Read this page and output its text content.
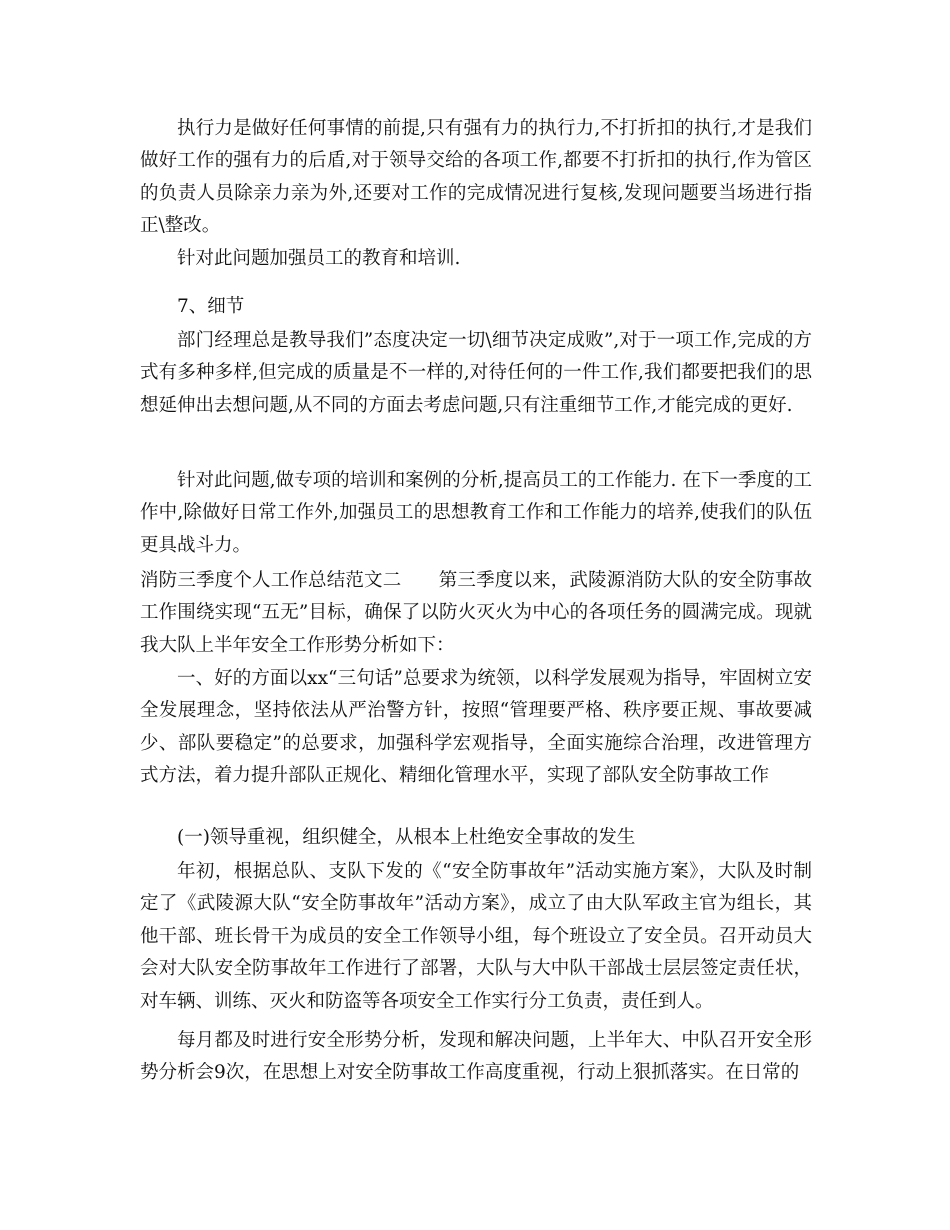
执行力是做好任何事情的前提,只有强有力的执行力,不打折扣的执行,才是我们做好工作的强有力的后盾,对于领导交给的各项工作,都要不打折扣的执行,作为管区的负责人员除亲力亲为外,还要对工作的完成情况进行复核,发现问题要当场进行指正\整改。

针对此问题加强员工的教育和培训.

7、细节

部门经理总是教导我们”态度决定一切\细节决定成败”,对于一项工作,完成的方式有多种多样,但完成的质量是不一样的,对待任何的一件工作,我们都要把我们的思想延伸出去想问题,从不同的方面去考虑问题,只有注重细节工作,才能完成的更好.

针对此问题,做专项的培训和案例的分析,提高员工的工作能力. 在下一季度的工作中,除做好日常工作外,加强员工的思想教育工作和工作能力的培养,使我们的队伍更具战斗力。

消防三季度个人工作总结范文二　　第三季度以来，武陵源消防大队的安全防事故工作围绕实现“五无”目标，确保了以防火灭火为中心的各项任务的圆满完成。现就我大队上半年安全工作形势分析如下：

一、好的方面以xx“三句话”总要求为统领，以科学发展观为指导，牢固树立安全发展理念，坚持依法从严治警方针，按照“管理要严格、秩序要正规、事故要减少、部队要稳定”的总要求，加强科学宏观指导，全面实施综合治理，改进管理方式方法，着力提升部队正规化、精细化管理水平，实现了部队安全防事故工作

(一)领导重视，组织健全，从根本上杜绝安全事故的发生

年初，根据总队、支队下发的《“安全防事故年”活动实施方案》，大队及时制定了《武陵源大队“安全防事故年”活动方案》，成立了由大队军政主官为组长，其他干部、班长骨干为成员的安全工作领导小组，每个班设立了安全员。召开动员大会对大队安全防事故年工作进行了部署，大队与大中队干部战士层层签定责任状，对车辆、训练、灭火和防盗等各项安全工作实行分工负责，责任到人。

每月都及时进行安全形势分析，发现和解决问题，上半年大、中队召开安全形势分析会9次，在思想上对安全防事故工作高度重视，行动上狠抓落实。在日常的
